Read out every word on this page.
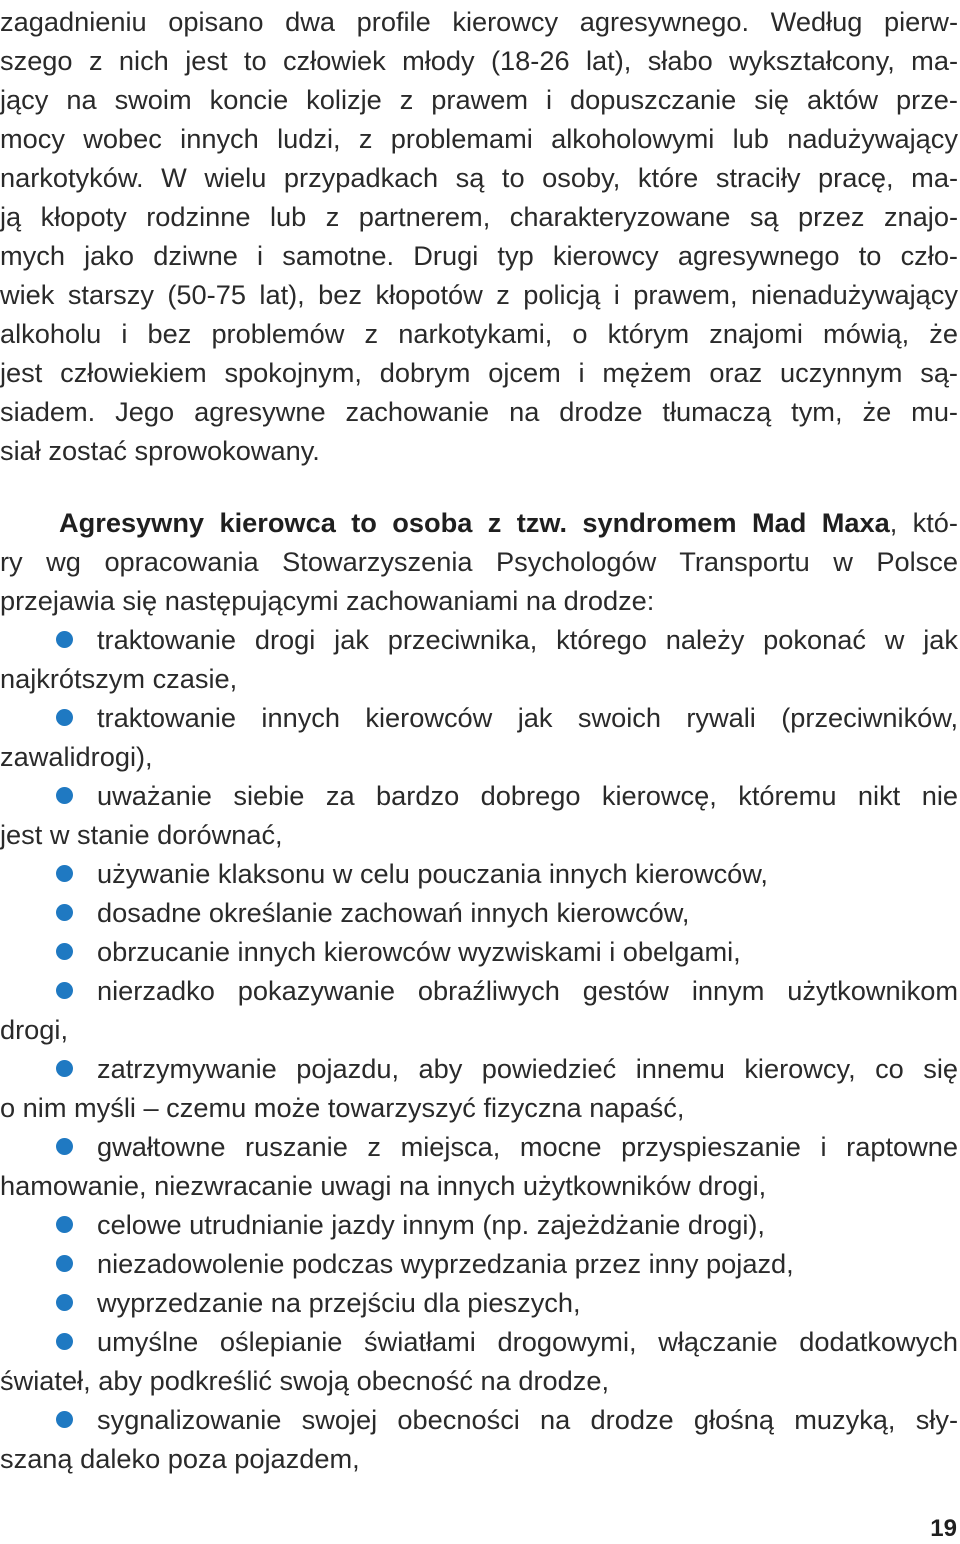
zagadnieniu opisano dwa profile kierowcy agresywnego. Według pierw-
szego z nich jest to człowiek młody (18-26 lat), słabo wykształcony, ma-
jący na swoim koncie kolizje z prawem i dopuszczanie się aktów prze-
mocy wobec innych ludzi, z problemami alkoholowymi lub nadużywający
narkotyków. W wielu przypadkach są to osoby, które straciły pracę, ma-
ją kłopoty rodzinne lub z partnerem, charakteryzowane są przez znajo-
mych jako dziwne i samotne. Drugi typ kierowcy agresywnego to czło-
wiek starszy (50-75 lat), bez kłopotów z policją i prawem, nienadużywający
alkoholu i bez problemów z narkotykami, o którym znajomi mówią, że
jest człowiekiem spokojnym, dobrym ojcem i mężem oraz uczynnym są-
siadem. Jego agresywne zachowanie na drodze tłumaczą tym, że mu-
siał zostać sprowokowany.
Agresywny kierowca to osoba z tzw. syndromem Mad Maxa, któ-
ry wg opracowania Stowarzyszenia Psychologów Transportu w Polsce
przejawia się następującymi zachowaniami na drodze:
traktowanie drogi jak przeciwnika, którego należy pokonać w jak
najkrótszym czasie,
traktowanie innych kierowców jak swoich rywali (przeciwników,
zawalidrogi),
uważanie siebie za bardzo dobrego kierowcę, któremu nikt nie
jest w stanie dorównać,
używanie klaksonu w celu pouczania innych kierowców,
dosadne określanie zachowań innych kierowców,
obrzucanie innych kierowców wyzwiskami i obelgami,
nierzadko pokazywanie obraźliwych gestów innym użytkownikom
drogi,
zatrzymywanie pojazdu, aby powiedzieć innemu kierowcy, co się
o nim myśli – czemu może towarzyszyć fizyczna napaść,
gwałtowne ruszanie z miejsca, mocne przyspieszanie i raptowne
hamowanie, niezwracanie uwagi na innych użytkowników drogi,
celowe utrudnianie jazdy innym (np. zajeżdżanie drogi),
niezadowolenie podczas wyprzedzania przez inny pojazd,
wyprzedzanie na przejściu dla pieszych,
umyślne oślepianie światłami drogowymi, włączanie dodatkowych
świateł, aby podkreślić swoją obecność na drodze,
sygnalizowanie swojej obecności na drodze głośną muzyką, sły-
szaną daleko poza pojazdem,
19
